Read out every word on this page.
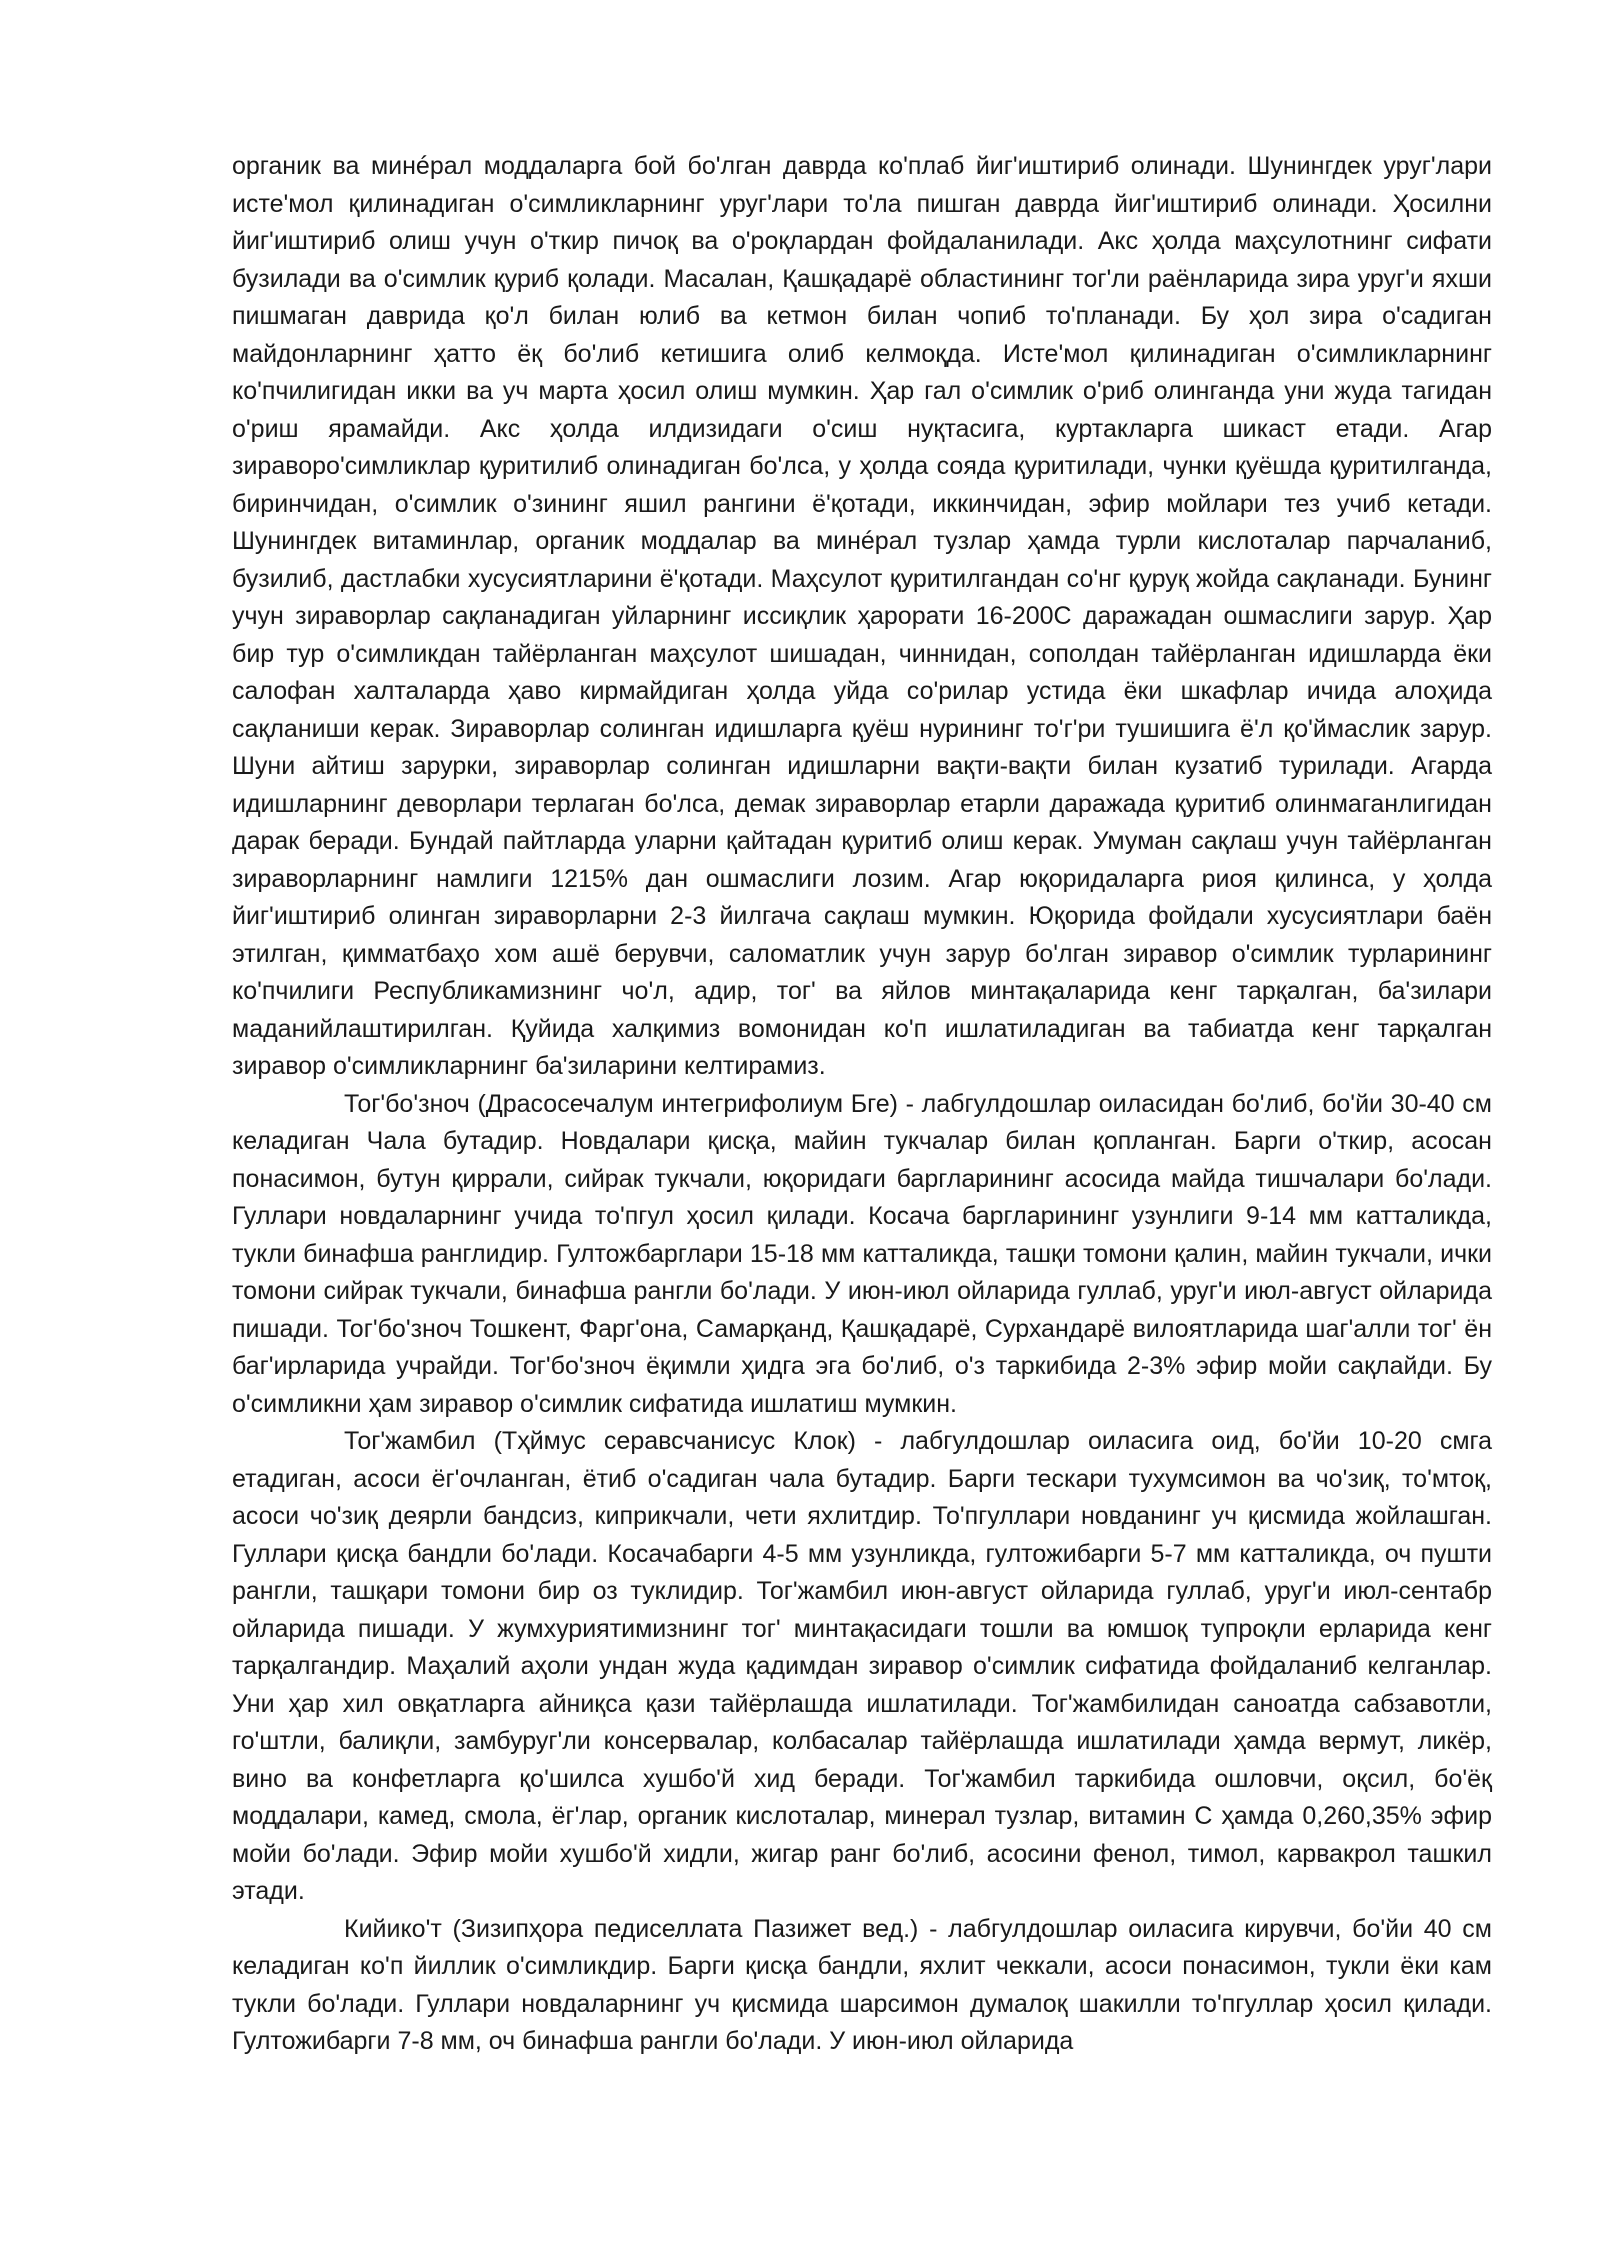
органик ва минéрал моддаларга бой бо'лган даврда ко'плаб йиг'иштириб олинади. Шунингдек уруг'лари исте'мол қилинадиган о'симликларнинг уруг'лари то'ла пишган даврда йиг'иштириб олинади. Ҳосилни йиг'иштириб олиш учун о'ткир пичоқ ва о'роқлардан фойдаланилади. Акс ҳолда маҳсулотнинг сифати бузилади ва о'симлик қуриб қолади. Масалан, Қашқадарё областининг тог'ли раёнларида зира уруг'и яхши пишмаган даврида қо'л билан юлиб ва кетмон билан чопиб то'планади. Бу ҳол зира о'садиган майдонларнинг ҳатто ёқ бо'либ кетишига олиб келмоқда. Исте'мол қилинадиган о'симликларнинг ко'пчилигидан икки ва уч марта ҳосил олиш мумкин. Ҳар гал о'симлик о'риб олинганда уни жуда тагидан о'риш ярамайди. Акс ҳолда илдизидаги о'сиш нуқтасига, куртакларга шикаст етади. Агар зираворо'симликлар қуритилиб олинадиган бо'лса, у ҳолда сояда қуритилади, чунки қуёшда қуритилганда, биринчидан, о'симлик о'зининг яшил рангини ё'қотади, иккинчидан, эфир мойлари тез учиб кетади. Шунингдек витаминлар, органик моддалар ва минéрал тузлар ҳамда турли кислоталар парчаланиб, бузилиб, дастлабки хусусиятларини ё'қотади. Маҳсулот қуритилгандан со'нг қуруқ жойда сақланади. Бунинг учун зираворлар сақланадиган уйларнинг иссиқлик ҳарорати 16-200С даражадан ошмаслиги зарур. Ҳар бир тур о'симликдан тайёрланган маҳсулот шишадан, чиннидан, сополдан тайёрланган идишларда ёки салофан халталарда ҳаво кирмайдиган ҳолда уйда со'рилар устида ёки шкафлар ичида алоҳида сақланиши керак. Зираворлар солинган идишларга қуёш нурининг то'г'ри тушишига ё'л қо'ймаслик зарур. Шуни айтиш зарурки, зираворлар солинган идишларни вақти-вақти билан кузатиб турилади. Агарда идишларнинг деворлари терлаган бо'лса, демак зираворлар етарли даражада қуритиб олинмаганлигидан дарак беради. Бундай пайтларда уларни қайтадан қуритиб олиш керак. Умуман сақлаш учун тайёрланган зираворларнинг намлиги 1215% дан ошмаслиги лозим. Агар юқоридаларга риоя қилинса, у ҳолда йиг'иштириб олинган зираворларни 2-3 йилгача сақлаш мумкин. Юқорида фойдали хусусиятлари баён этилган, қимматбаҳо хом ашё берувчи, саломатлик учун зарур бо'лган зиравор о'симлик турларининг ко'пчилиги Республикамизнинг чо'л, адир, тог' ва яйлов минтақаларида кенг тарқалган, ба'зилари маданийлаштирилган. Қуйида халқимиз вомонидан ко'п ишлатиладиган ва табиатда кенг тарқалган зиравор о'симликларнинг ба'зиларини келтирамиз.

Тог'бо'зноч (Драсосечалум интегрифолиум Бге) - лабгулдошлар оиласидан бо'либ, бо'йи 30-40 см келадиган Чала бутадир. Новдалари қисқа, майин тукчалар билан қопланган. Барги о'ткир, асосан понасимон, бутун қиррали, сийрак тукчали, юқоридаги баргларининг асосида майда тишчалари бо'лади. Гуллари новдаларнинг учида то'пгул ҳосил қилади. Косача баргларининг узунлиги 9-14 мм катталикда, тукли бинафша ранглидир. Гултожбарглари 15-18 мм катталикда, ташқи томони қалин, майин тукчали, ички томони сийрак тукчали, бинафша рангли бо'лади. У июн-июл ойларида гуллаб, уруг'и июл-август ойларида пишади. Тог'бо'зноч Тошкент, Фарг'она, Самарқанд, Қашқадарё, Сурхандарё вилоятларида шаг'алли тог' ён баг'ирларида учрайди. Тог'бо'зноч ёқимли ҳидга эга бо'либ, о'з таркибида 2-3% эфир мойи сақлайди. Бу о'симликни ҳам зиравор о'симлик сифатида ишлатиш мумкин.

Тог'жамбил (Тҳймус серавсчанисус Клок) - лабгулдошлар оиласига оид, бо'йи 10-20 смга етадиган, асоси ёг'очланган, ётиб о'садиган чала бутадир. Барги тескари тухумсимон ва чо'зиқ, то'мтоқ, асоси чо'зиқ деярли бандсиз, киприкчали, чети яхлитдир. То'пгуллари новданинг уч қисмида жойлашган. Гуллари қисқа бандли бо'лади. Косачабарги 4-5 мм узунликда, гултожибарги 5-7 мм катталикда, оч пушти рангли, ташқари томони бир оз туклидир. Тог'жамбил июн-август ойларида гуллаб, уруг'и июл-сентабр ойларида пишади. У жумхуриятимизнинг тог' минтақасидаги тошли ва юмшоқ тупроқли ерларида кенг тарқалгандир. Маҳалий аҳоли ундан жуда қадимдан зиравор о'симлик сифатида фойдаланиб келганлар. Уни ҳар хил овқатларга айниқса қази тайёрлашда ишлатилади. Тог'жамбилидан саноатда сабзавотли, го'штли, балиқли, замбуруг'ли консервалар, колбасалар тайёрлашда ишлатилади ҳамда вермут, ликёр, вино ва конфетларга қо'шилса хушбо'й хид беради. Тог'жамбил таркибида ошловчи, оқсил, бо'ёқ моддалари, камед, смола, ёг'лар, органик кислоталар, минерал тузлар, витамин С ҳамда 0,260,35% эфир мойи бо'лади. Эфир мойи хушбо'й хидли, жигар ранг бо'либ, асосини фенол, тимол, карвакрол ташкил этади.

Кийико'т (Зизипҳора педиселлата Пазижет вед.) - лабгулдошлар оиласига кирувчи, бо'йи 40 см келадиган ко'п йиллик о'симликдир. Барги қисқа бандли, яхлит чеккали, асоси понасимон, тукли ёки кам тукли бо'лади. Гуллари новдаларнинг уч қисмида шарсимон думалоқ шакилли то'пгуллар ҳосил қилади. Гултожибарги 7-8 мм, оч бинафша рангли бо'лади. У июн-июл ойларида
